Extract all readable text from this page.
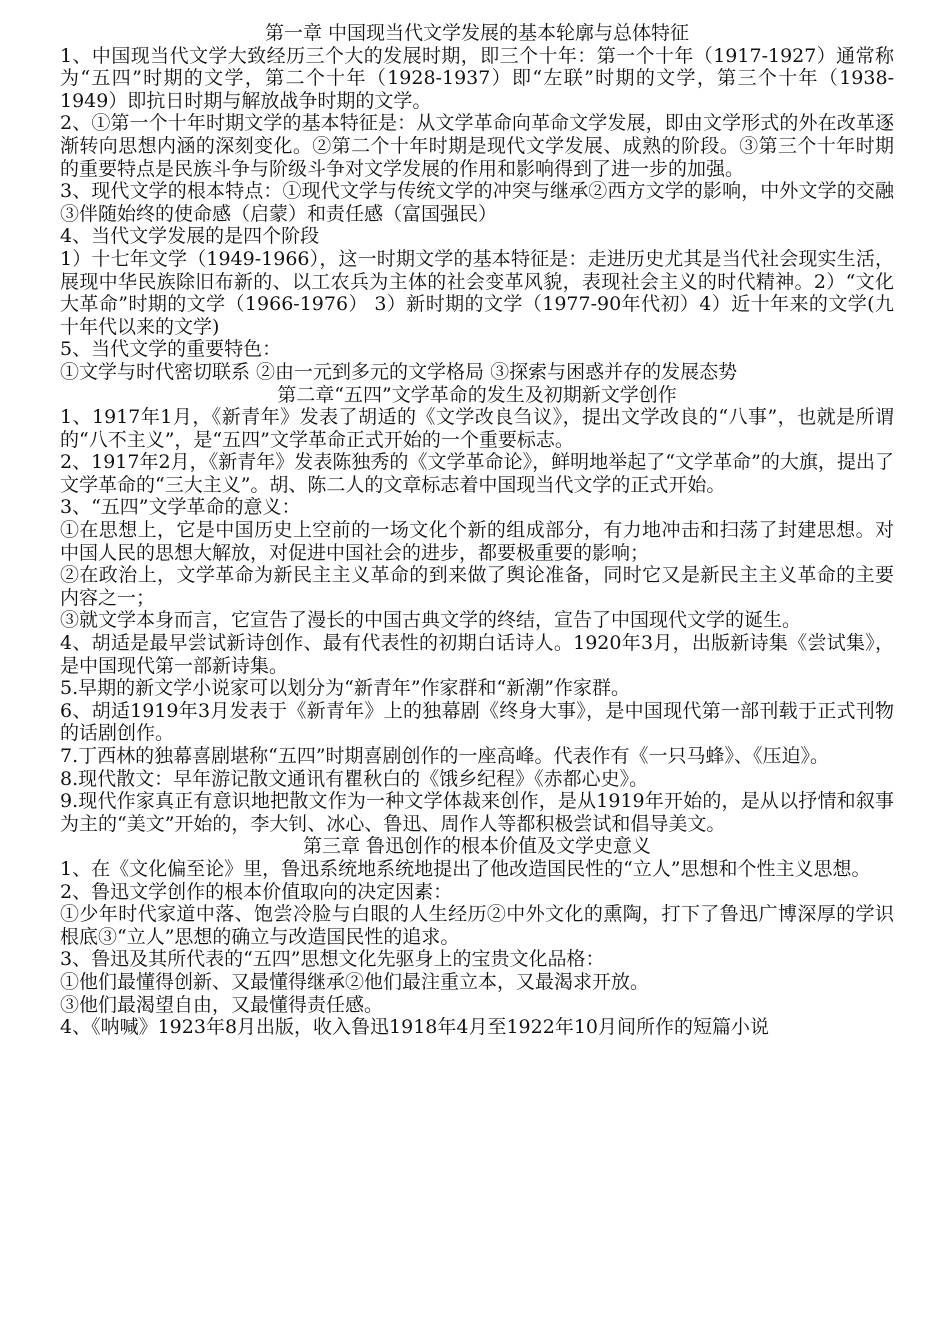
第一章 中国现当代文学发展的基本轮廓与总体特征
1、中国现当代文学大致经历三个大的发展时期，即三个十年：第一个十年（1917-1927）通常称为“五四”时期的文学，第二个十年（1928-1937）即“左联”时期的文学，第三个十年（1938-1949）即抗日时期与解放战争时期的文学。
2、①第一个十年时期文学的基本特征是：从文学革命向革命文学发展，即由文学形式的外在改革逐渐转向思想内涵的深刻变化。②第二个十年时期是现代文学发展、成熟的阶段。③第三个十年时期的重要特点是民族斗争与阶级斗争对文学发展的作用和影响得到了进一步的加强。
3、现代文学的根本特点：①现代文学与传统文学的冲突与继承②西方文学的影响，中外文学的交融③伴随始终的使命感（启蒙）和责任感（富国强民）
4、当代文学发展的是四个阶段
1）十七年文学（1949-1966），这一时期文学的基本特征是：走进历史尤其是当代社会现实生活，展现中华民族除旧布新的、以工农兵为主体的社会变革风貌，表现社会主义的时代精神。2）“文化大革命”时期的文学（1966-1976） 3）新时期的文学（1977-90年代初）4）近十年来的文学(九十年代以来的文学)
5、当代文学的重要特色：
①文学与时代密切联系 ②由一元到多元的文学格局 ③探索与困惑并存的发展态势
第二章“五四”文学革命的发生及初期新文学创作
1、1917年1月，《新青年》发表了胡适的《文学改良刍议》，提出文学改良的“八事”，也就是所谓的“八不主义”，是“五四”文学革命正式开始的一个重要标志。
2、1917年2月，《新青年》发表陈独秀的《文学革命论》，鲜明地举起了“文学革命”的大旗，提出了文学革命的“三大主义”。胡、陈二人的文章标志着中国现当代文学的正式开始。
3、“五四”文学革命的意义：
①在思想上，它是中国历史上空前的一场文化个新的组成部分，有力地冲击和扫荡了封建思想。对中国人民的思想大解放，对促进中国社会的进步，都要极重要的影响；
②在政治上，文学革命为新民主主义革命的到来做了舆论准备，同时它又是新民主主义革命的主要内容之一；
③就文学本身而言，它宣告了漫长的中国古典文学的终结，宣告了中国现代文学的诞生。
4、胡适是最早尝试新诗创作、最有代表性的初期白话诗人。1920年3月，出版新诗集《尝试集》，是中国现代第一部新诗集。
5.早期的新文学小说家可以划分为“新青年”作家群和“新潮”作家群。
6、胡适1919年3月发表于《新青年》上的独幕剧《终身大事》，是中国现代第一部刊载于正式刊物的话剧创作。
7.丁西林的独幕喜剧堪称“五四”时期喜剧创作的一座高峰。代表作有《一只马蜂》、《压迫》。
8.现代散文：早年游记散文通讯有瞿秋白的《饿乡纪程》《赤都心史》。
9.现代作家真正有意识地把散文作为一种文学体裁来创作，是从1919年开始的，是从以抒情和叙事为主的“美文”开始的，李大钊、冰心、鲁迅、周作人等都积极尝试和倡导美文。
第三章 鲁迅创作的根本价值及文学史意义
1、在《文化偏至论》里，鲁迅系统地系统地提出了他改造国民性的“立人”思想和个性主义思想。
2、鲁迅文学创作的根本价值取向的决定因素：
①少年时代家道中落、饱尝冷脸与白眼的人生经历②中外文化的熏陶，打下了鲁迅广博深厚的学识根底③“立人”思想的确立与改造国民性的追求。
3、鲁迅及其所代表的“五四”思想文化先驱身上的宝贵文化品格：
①他们最懂得创新、又最懂得继承②他们最注重立本，又最渴求开放。
③他们最渴望自由，又最懂得责任感。
4、《呐喊》1923年8月出版，收入鲁迅1918年4月至1922年10月间所作的短篇小说
